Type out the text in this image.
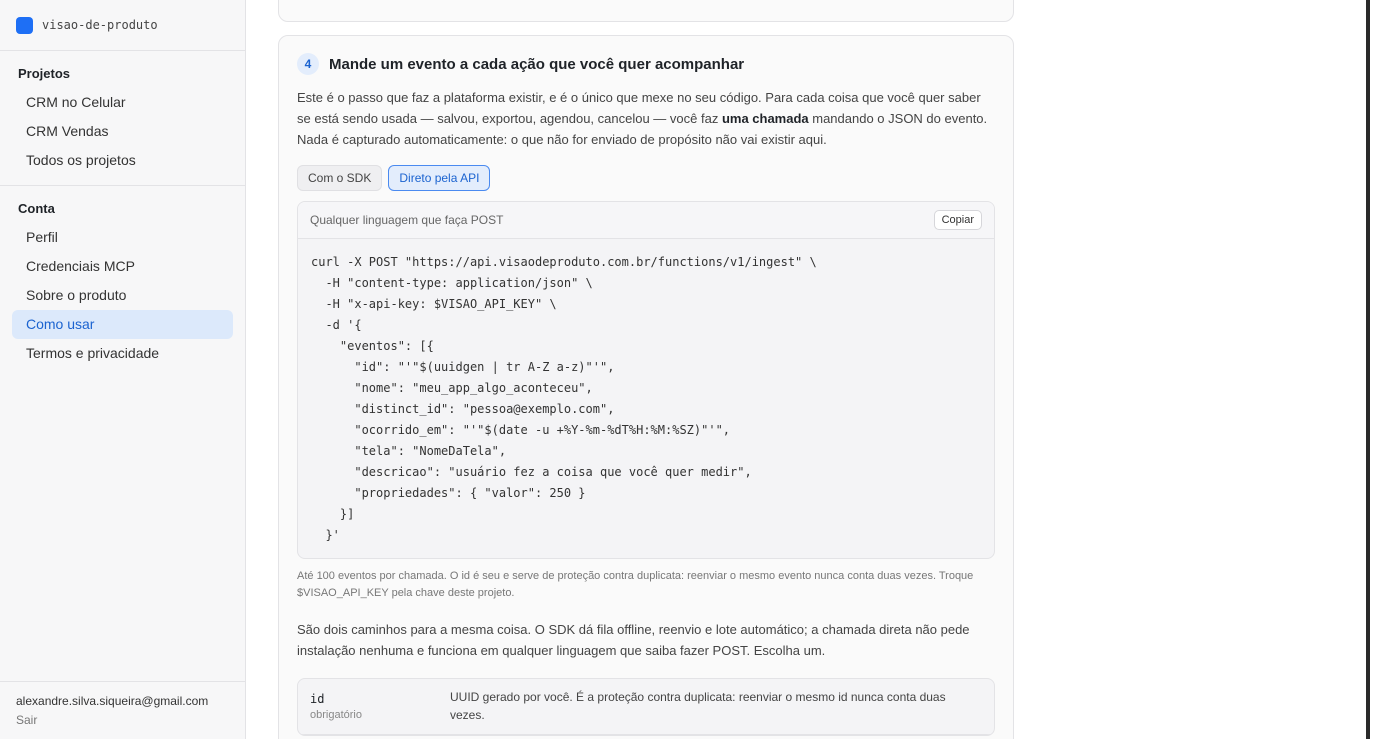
visao-de-produto
Projetos
CRM no Celular
CRM Vendas
Todos os projetos
Conta
Perfil
Credenciais MCP
Sobre o produto
Como usar
Termos e privacidade
alexandre.silva.siqueira@gmail.com
Sair
4	Mande um evento a cada ação que você quer acompanhar

Este é o passo que faz a plataforma existir, e é o único que mexe no seu código. Para cada coisa que você quer saber se está sendo usada — salvou, exportou, agendou, cancelou — você faz uma chamada mandando o JSON do evento. Nada é capturado automaticamente: o que não for enviado de propósito não vai existir aqui.

Com o SDK	Direto pela API
Qualquer linguagem que faça POST	Copiar
curl -X POST "https://api.visaodeproduto.com.br/functions/v1/ingest" \
-H "content-type: application/json" \
-H "x-api-key: $VISAO_API_KEY" \
-d '{
"eventos": [{
"id": "'"$(uuidgen | tr A-Z a-z)"'",
"nome": "meu_app_algo_aconteceu",
"distinct_id": "pessoa@exemplo.com",
"ocorrido_em": "'"$(date -u +%Y-%m-%dT%H:%M:%SZ)"'",
"tela": "NomeDaTela",
"descricao": "usuário fez a coisa que você quer medir",
"propriedades": { "valor": 250 }
}]
}'

Até 100 eventos por chamada. O id é seu e serve de proteção contra duplicata: reenviar o mesmo evento nunca conta duas vezes. Troque $VISAO_API_KEY pela chave deste projeto.

São dois caminhos para a mesma coisa. O SDK dá fila offline, reenvio e lote automático; a chamada direta não pede instalação nenhuma e funciona em qualquer linguagem que saiba fazer POST. Escolha um.

id
obrigatório
UUID gerado por você. É a proteção contra duplicata: reenviar o mesmo id nunca conta duas vezes.
